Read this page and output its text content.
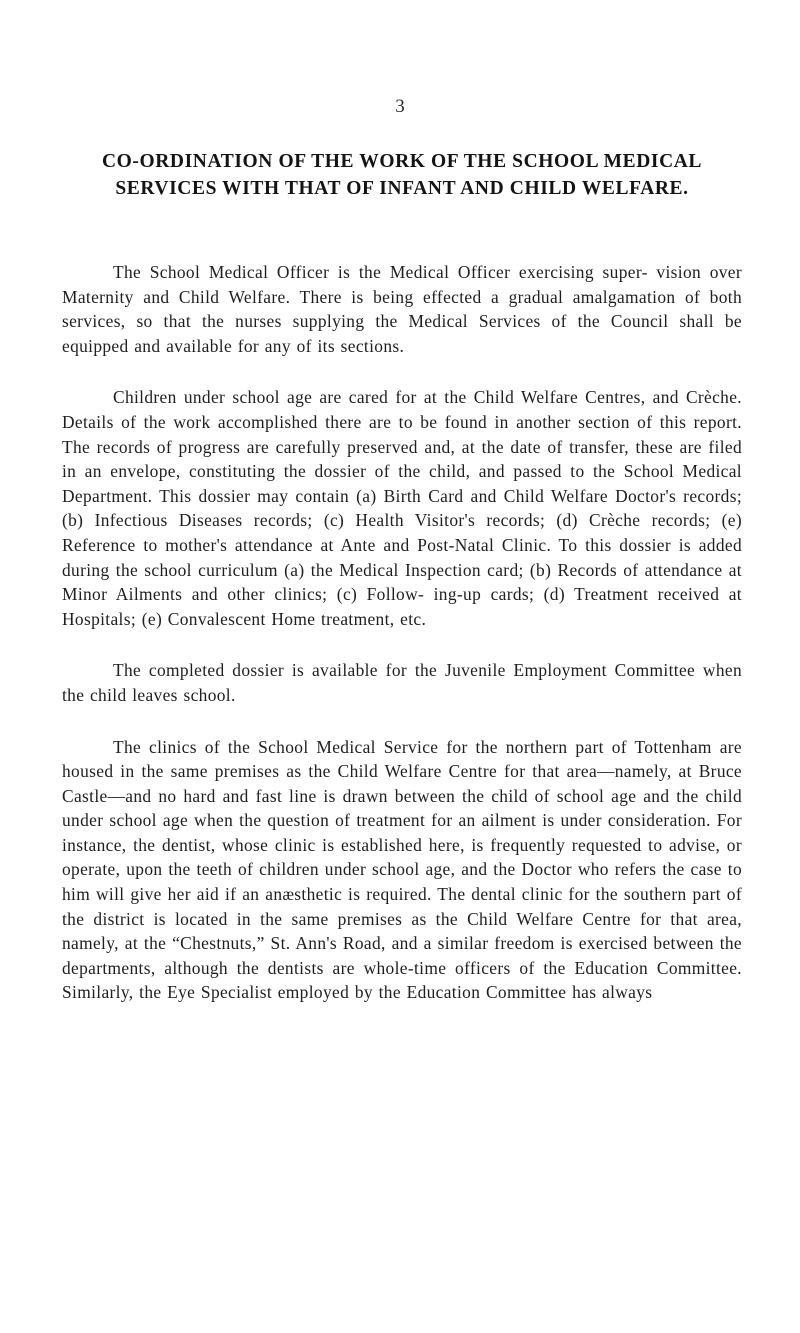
3
CO-ORDINATION OF THE WORK OF THE SCHOOL MEDICAL SERVICES WITH THAT OF INFANT AND CHILD WELFARE.

The School Medical Officer is the Medical Officer exercising super- vision over Maternity and Child Welfare. There is being effected a gradual amalgamation of both services, so that the nurses supplying the Medical Services of the Council shall be equipped and available for any of its sections.

Children under school age are cared for at the Child Welfare Centres, and Crèche. Details of the work accomplished there are to be found in another section of this report. The records of progress are carefully preserved and, at the date of transfer, these are filed in an envelope, constituting the dossier of the child, and passed to the School Medical Department. This dossier may contain (a) Birth Card and Child Welfare Doctor's records; (b) Infectious Diseases records; (c) Health Visitor's records; (d) Crèche records; (e) Reference to mother's attendance at Ante and Post-Natal Clinic. To this dossier is added during the school curriculum (a) the Medical Inspection card; (b) Records of attendance at Minor Ailments and other clinics; (c) Follow- ing-up cards; (d) Treatment received at Hospitals; (e) Convalescent Home treatment, etc.

The completed dossier is available for the Juvenile Employment Committee when the child leaves school.

The clinics of the School Medical Service for the northern part of Tottenham are housed in the same premises as the Child Welfare Centre for that area—namely, at Bruce Castle—and no hard and fast line is drawn between the child of school age and the child under school age when the question of treatment for an ailment is under consideration. For instance, the dentist, whose clinic is established here, is frequently requested to advise, or operate, upon the teeth of children under school age, and the Doctor who refers the case to him will give her aid if an anæsthetic is required. The dental clinic for the southern part of the district is located in the same premises as the Child Welfare Centre for that area, namely, at the “Chestnuts,” St. Ann's Road, and a similar freedom is exercised between the departments, although the dentists are whole-time officers of the Education Committee. Similarly, the Eye Specialist employed by the Education Committee has always
